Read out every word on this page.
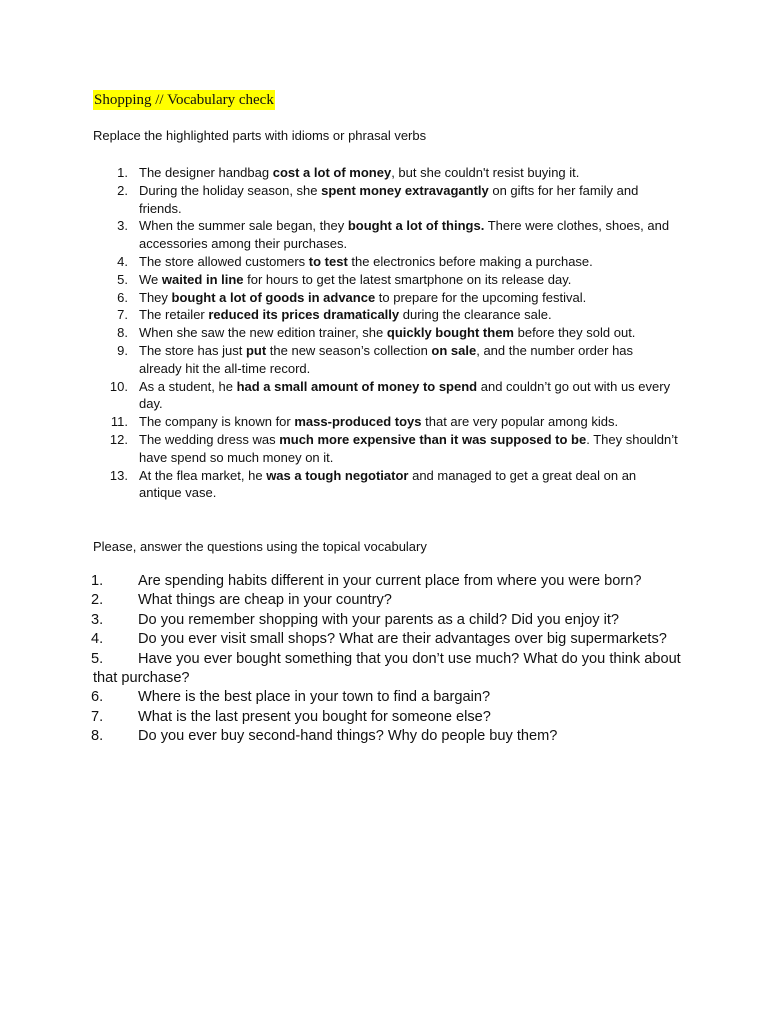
Shopping // Vocabulary check
Replace the highlighted parts with idioms or phrasal verbs
1. The designer handbag cost a lot of money, but she couldn't resist buying it.
2. During the holiday season, she spent money extravagantly on gifts for her family and friends.
3. When the summer sale began, they bought a lot of things. There were clothes, shoes, and accessories among their purchases.
4. The store allowed customers to test the electronics before making a purchase.
5. We waited in line for hours to get the latest smartphone on its release day.
6. They bought a lot of goods in advance to prepare for the upcoming festival.
7. The retailer reduced its prices dramatically during the clearance sale.
8. When she saw the new edition trainer, she quickly bought them before they sold out.
9. The store has just put the new season’s collection on sale, and the number order has already hit the all-time record.
10. As a student, he had a small amount of money to spend and couldn’t go out with us every day.
11. The company is known for mass-produced toys that are very popular among kids.
12. The wedding dress was much more expensive than it was supposed to be. They shouldn’t have spend so much money on it.
13. At the flea market, he was a tough negotiator and managed to get a great deal on an antique vase.
Please, answer the questions using the topical vocabulary
1. Are spending habits different in your current place from where you were born?
2. What things are cheap in your country?
3. Do you remember shopping with your parents as a child? Did you enjoy it?
4. Do you ever visit small shops? What are their advantages over big supermarkets?
5. Have you ever bought something that you don’t use much? What do you think about that purchase?
6. Where is the best place in your town to find a bargain?
7. What is the last present you bought for someone else?
8. Do you ever buy second-hand things? Why do people buy them?
